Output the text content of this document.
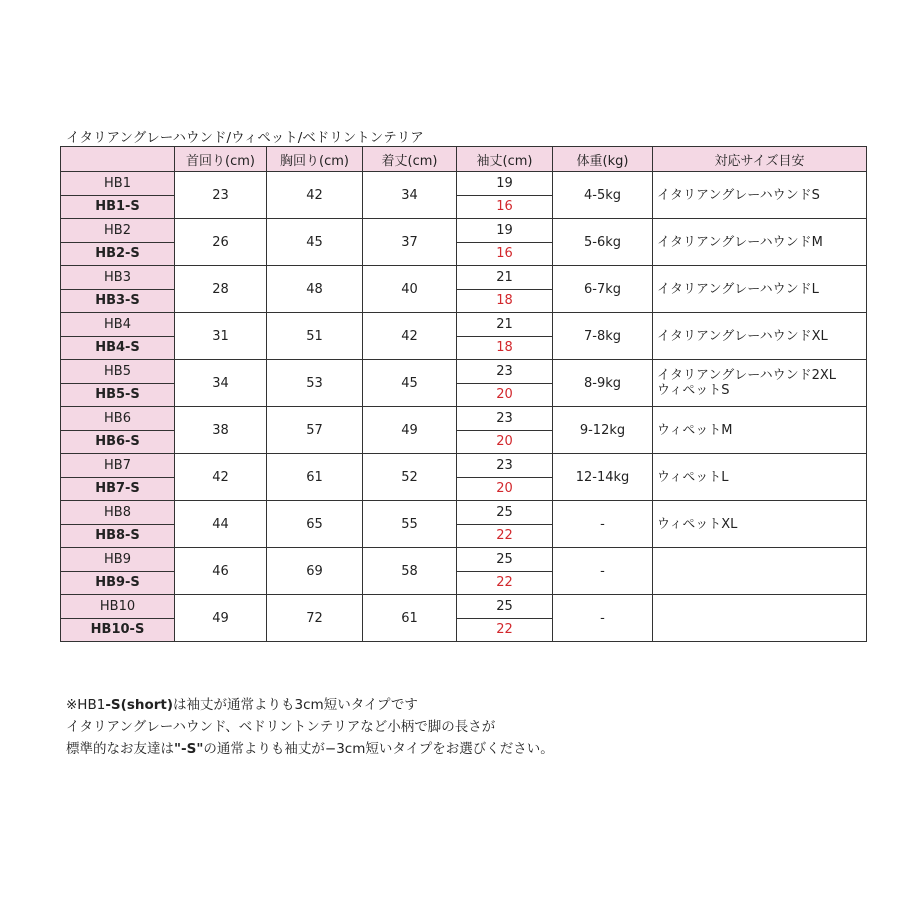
イタリアングレーハウンド/ウィペット/ベドリントンテリア
	首回り(cm)	胸回り(cm)	着丈(cm)	袖丈(cm)	体重(kg)	対応サイズ目安
HB1	23	42	34	19	4-5kg	イタリアングレーハウンドS

HB1-S				16		
HB2	26	45	37	19	5-6kg	イタリアングレーハウンドM

HB2-S				16		
HB3	28	48	40	21	6-7kg	イタリアングレーハウンドL

HB3-S				18		
HB4	31	51	42	21	7-8kg	イタリアングレーハウンドXL

HB4-S				18		
HB5	34	53	45	23	8-9kg	イタリアングレーハウンド2XL
ウィペットS

HB5-S				20		
HB6	38	57	49	23	9-12kg	ウィペットM

HB6-S				20		
HB7	42	61	52	23	12-14kg	ウィペットL

HB7-S				20		
HB8	44	65	55	25	-	ウィペットXL

HB8-S				22		
HB9	46	69	58	25	-	

HB9-S				22		
HB10	49	72	61	25	-	

HB10-S				22		
※HB1-S(short)は袖丈が通常よりも3cm短いタイプです
イタリアングレーハウンド、ベドリントンテリアなど小柄で脚の長さが
標準的なお友達は"-S"の通常よりも袖丈が−3cm短いタイプをお選びください。
